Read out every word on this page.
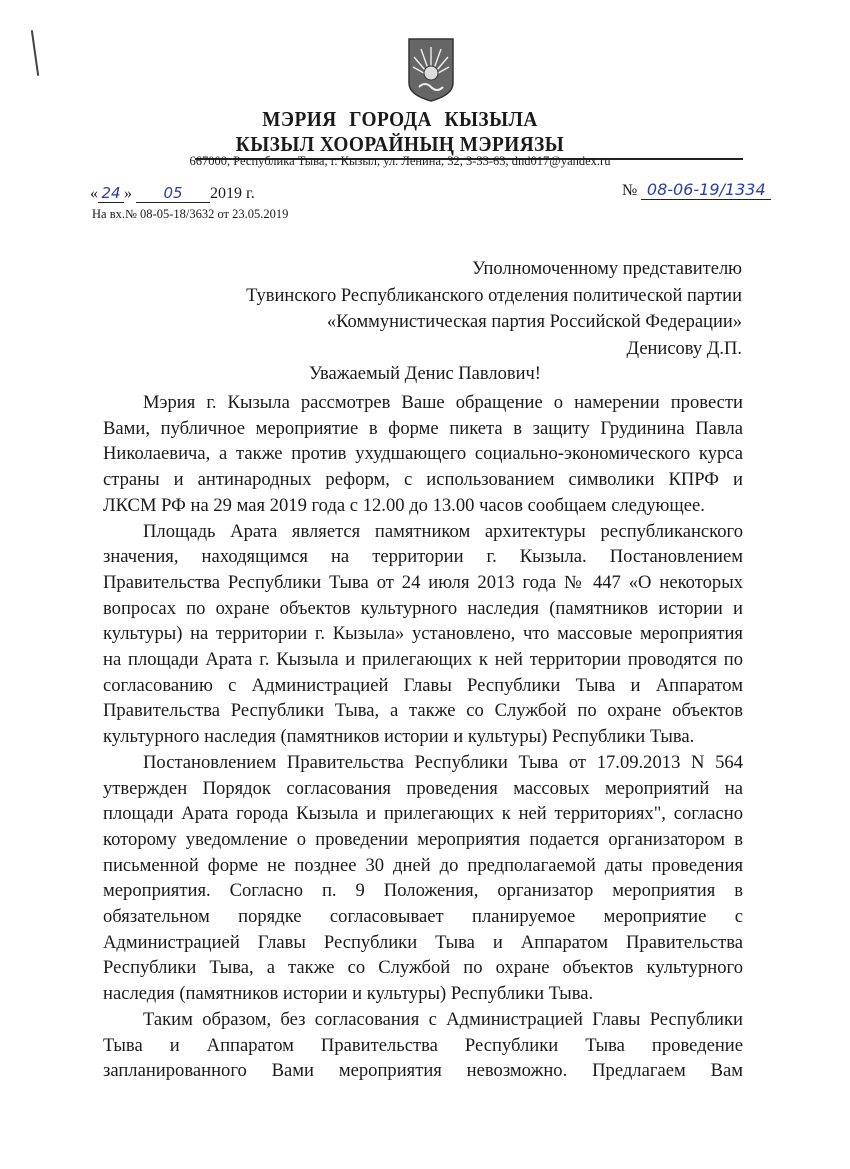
МЭРИЯ ГОРОДА КЫЗЫЛА
КЫЗЫЛ ХООРАЙНЫҢ МЭРИЯЗЫ
667000, Республика Тыва, г. Кызыл, ул. Ленина, 32, 3-33-63, dnd017@yandex.ru
« 24 » 05 2019 г.
На вх.№ 08-05-18/3632 от 23.05.2019
№ 08-06-19/1334
Уполномоченному представителю
Тувинского Республиканского отделения политической партии
«Коммунистическая партия Российской Федерации»
Денисову Д.П.
Уважаемый Денис Павлович!
Мэрия г. Кызыла рассмотрев Ваше обращение о намерении провести
Вами, публичное мероприятие в форме пикета в защиту Грудинина Павла
Николаевича, а также против ухудшающего социально-экономического курса
страны и антинародных реформ, с использованием символики КПРФ и
ЛКСМ РФ на 29 мая 2019 года с 12.00 до 13.00 часов сообщаем следующее.
Площадь Арата является памятником архитектуры республиканского
значения, находящимся на территории г. Кызыла. Постановлением
Правительства Республики Тыва от 24 июля 2013 года № 447 «О некоторых
вопросах по охране объектов культурного наследия (памятников истории и
культуры) на территории г. Кызыла» установлено, что массовые мероприятия
на площади Арата г. Кызыла и прилегающих к ней территории проводятся по
согласованию с Администрацией Главы Республики Тыва и Аппаратом
Правительства Республики Тыва, а также со Службой по охране объектов
культурного наследия (памятников истории и культуры) Республики Тыва.
Постановлением Правительства Республики Тыва от 17.09.2013 N 564
утвержден Порядок согласования проведения массовых мероприятий на
площади Арата города Кызыла и прилегающих к ней территориях", согласно
которому уведомление о проведении мероприятия подается организатором в
письменной форме не позднее 30 дней до предполагаемой даты проведения
мероприятия. Согласно п. 9 Положения, организатор мероприятия в
обязательном порядке согласовывает планируемое мероприятие с
Администрацией Главы Республики Тыва и Аппаратом Правительства
Республики Тыва, а также со Службой по охране объектов культурного
наследия (памятников истории и культуры) Республики Тыва.
Таким образом, без согласования с Администрацией Главы Республики
Тыва и Аппаратом Правительства Республики Тыва проведение
запланированного Вами мероприятия невозможно. Предлагаем Вам
